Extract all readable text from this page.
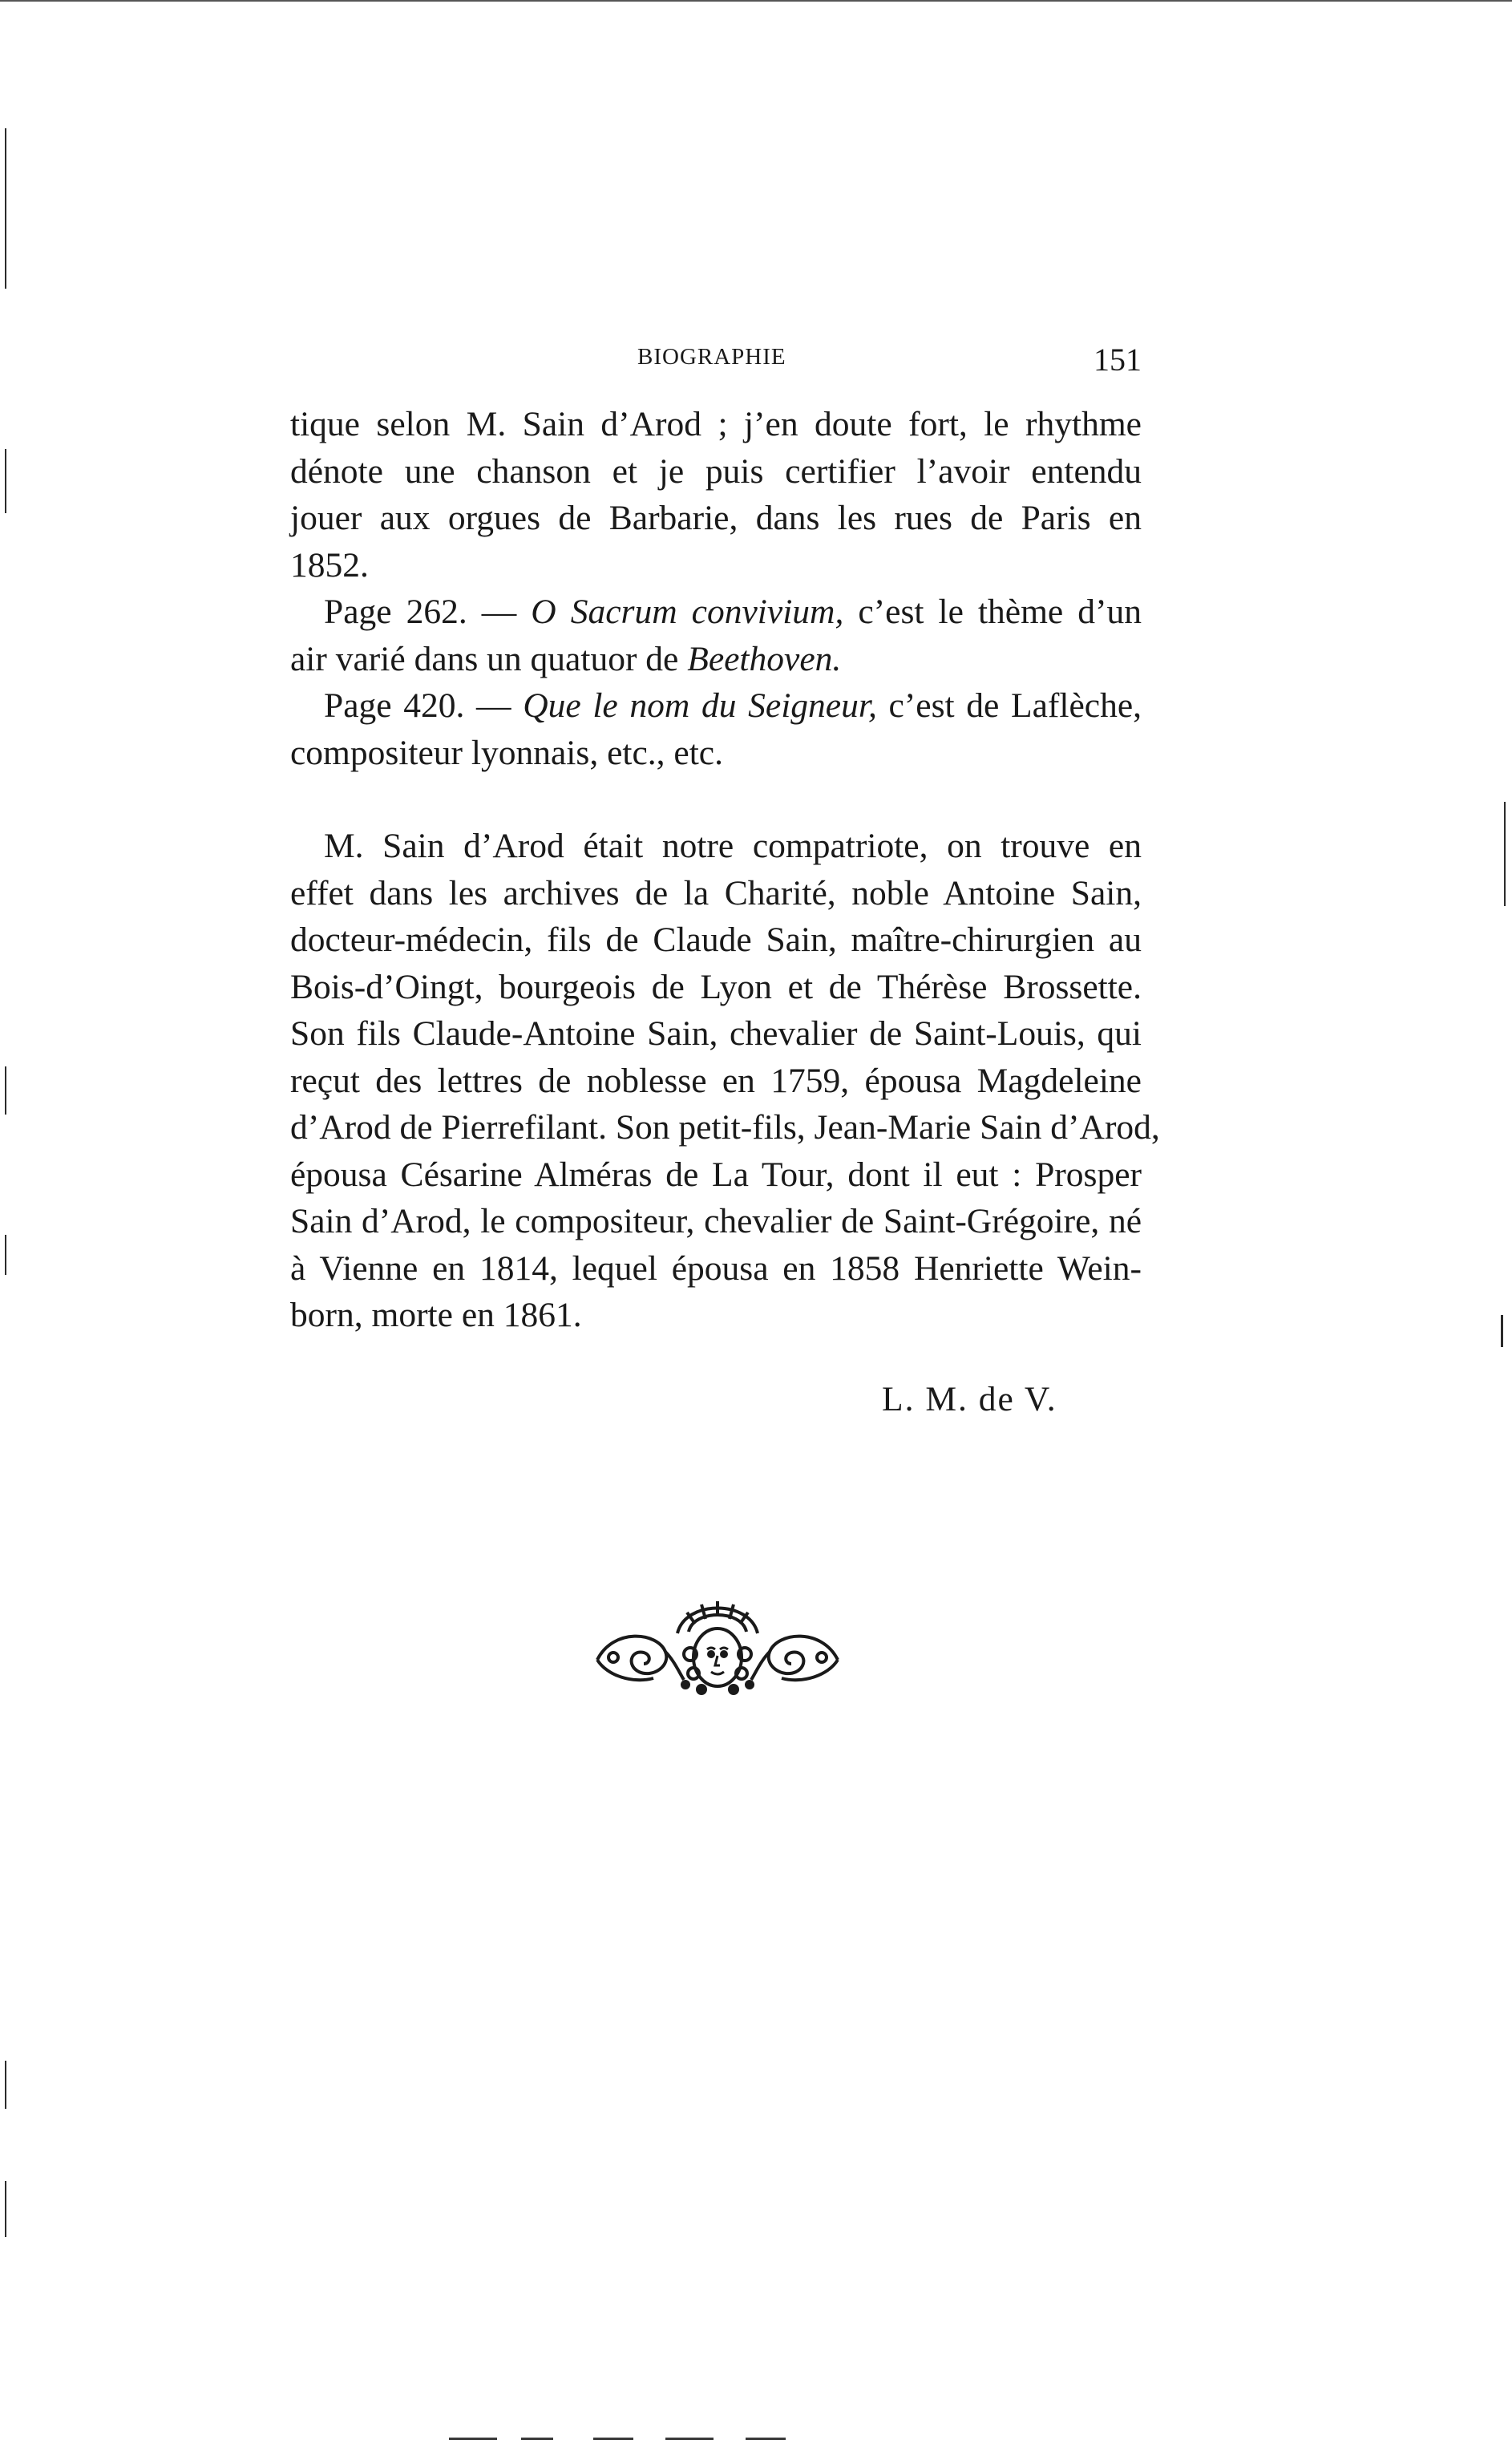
BIOGRAPHIE	151

tique selon M. Sain d’Arod ; j’en doute fort, le rhythme
dénote une chanson et je puis certifier l’avoir entendu
jouer aux orgues de Barbarie, dans les rues de Paris en
1852.

Page 262. — O Sacrum convivium, c’est le thème d’un
air varié dans un quatuor de Beethoven.

Page 420. — Que le nom du Seigneur, c’est de Laflèche,
compositeur lyonnais, etc., etc.

M. Sain d’Arod était notre compatriote, on trouve en
effet dans les archives de la Charité, noble Antoine Sain,
docteur-médecin, fils de Claude Sain, maître-chirurgien au
Bois-d’Oingt, bourgeois de Lyon et de Thérèse Brossette.
Son fils Claude-Antoine Sain, chevalier de Saint-Louis, qui
reçut des lettres de noblesse en 1759, épousa Magdeleine
d’Arod de Pierrefilant. Son petit-fils, Jean-Marie Sain d’Arod,
épousa Césarine Alméras de La Tour, dont il eut : Prosper
Sain d’Arod, le compositeur, chevalier de Saint-Grégoire, né
à Vienne en 1814, lequel épousa en 1858 Henriette Wein-
born, morte en 1861.

L. M. de V.
